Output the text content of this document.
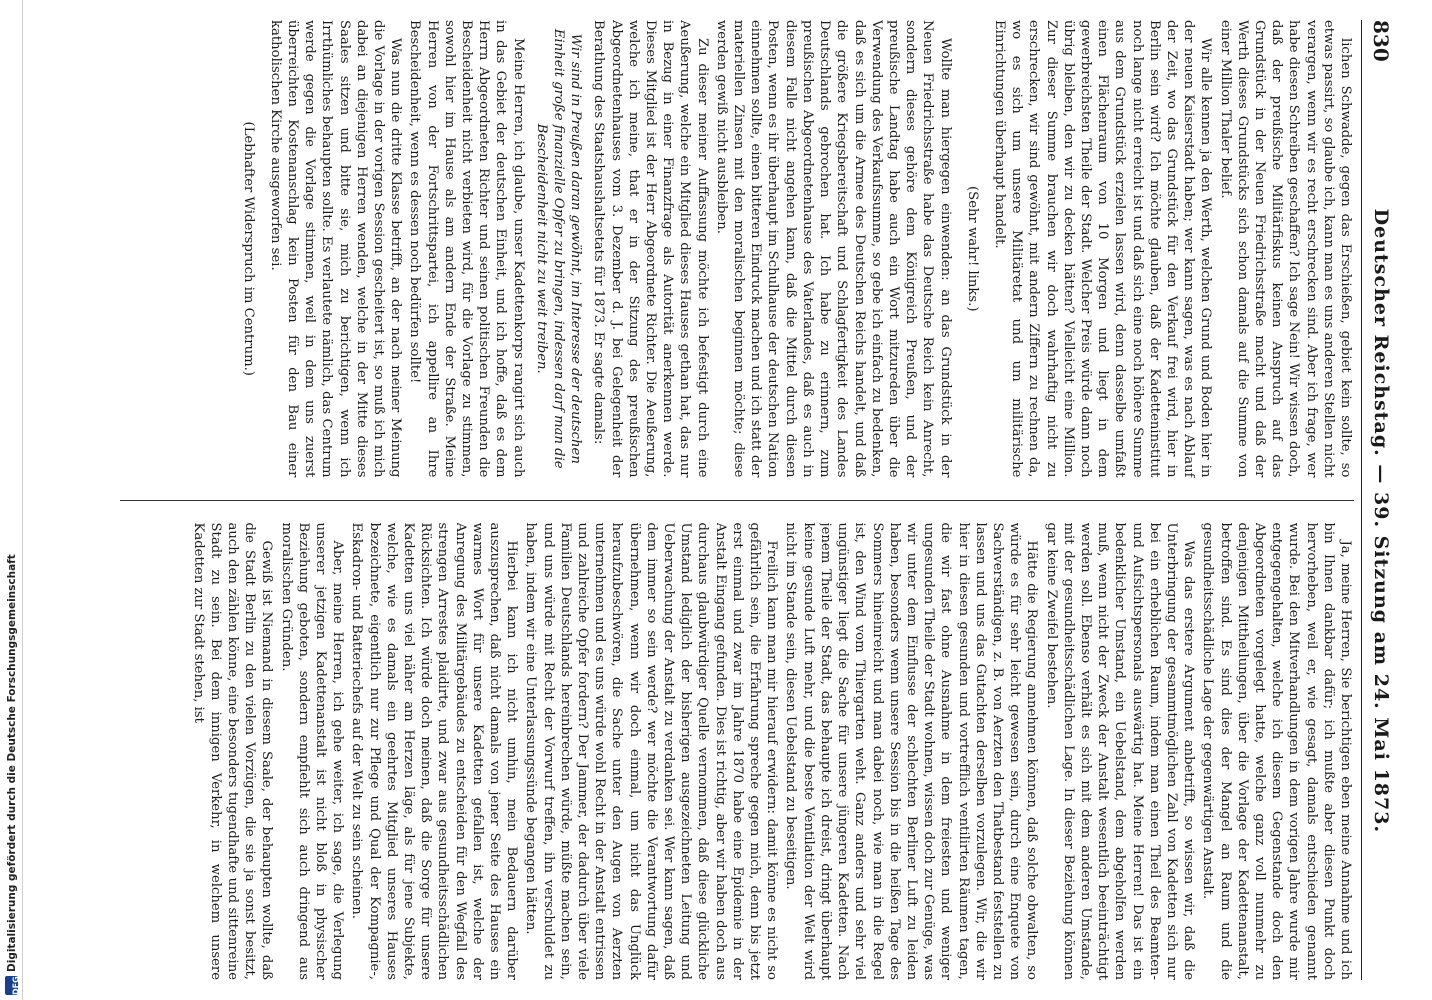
DFG
Digitalisierung gefördert durch die Deutsche Forschungsgemeinschaft
830
Deutscher Reichstag. — 39. Sitzung am 24. Mai 1873.

lichen Schwadde, gegen das Erschießen, gebiet kein sollte, so etwas passirt, so glaube ich, kann man es uns anderen Stellen nicht verargen, wenn wir es recht erschrecken sind. Aber ich frage, wer habe diesen Schreiben geschaffen? Ich sage Nein! Wir wissen doch, daß der preußische Militärfiskus keinen Anspruch auf das Grundstück in der Neuen Friedrichsstraße macht und daß der Werth dieses Grundstücks sich schon damals auf die Summe von einer Million Thaler belief.

Wir alle kennen ja den Werth, welchen Grund und Boden hier in der neuen Kaiserstadt haben; wer kann sagen, was es nach Ablauf der Zeit, wo das Grundstück für den Verkauf frei wird, hier in Berlin sein wird? Ich möchte glauben, daß der Kadetteninstitut noch lange nicht erreicht ist und daß sich eine noch höhere Summe aus dem Grundstück erzielen lassen wird, denn dasselbe umfaßt einen Flächenraum von 10 Morgen und liegt in dem gewerbreichsten Theile der Stadt. Welcher Preis würde dann noch übrig bleiben, den wir zu decken hätten? Vielleicht eine Million. Zur dieser Summe brauchen wir doch wahrhaftig nicht zu erschrecken, wir sind gewöhnt, mit andern Ziffern zu rechnen da, wo es sich um unsere Militäretat und um militärische Einrichtungen überhaupt handelt.

(Sehr wahr! links.)

Wollte man hiergegen einwenden: an das Grundstück in der Neuen Friedrichsstraße habe das Deutsche Reich kein Anrecht, sondern dieses gehöre dem Königreich Preußen, und der preußische Landtag habe auch ein Wort mitzureden über die Verwendung des Verkaufssumme, so gebe ich einfach zu bedenken, daß es sich um die Armee des Deutschen Reichs handelt, und daß die größere Kriegsbereitschaft und Schlagfertigkeit des Landes Deutschlands gebrochen hat. Ich habe zu erinnern, zum preußischen Abgeordnetenhause des Vaterlandes, daß es auch in diesem Falle nicht angehen kann, daß die Mittel durch diesen Posten, wenn es ihr überhaupt im Schulhause der deutschen Nation einnehmen sollte, einen bitteren Eindruck machen und ich statt der materiellen Zinsen mit den moralischen beginnen möchte; diese werden gewiß nicht ausbleiben.

Zu dieser meiner Auffassung möchte ich befestigt durch eine Aeußerung, welche ein Mitglied dieses Hauses gethan hat, das nur in Bezug in einer Finanzfrage als Autorität anerkennen werde. Dieses Mitglied ist der Herr Abgeordnete Richter. Die Aeußerung, welche ich meine, that er in der Sitzung des preußischen Abgeordnetenhauses vom 3. Dezember d. J. bei Gelegenheit der Berathung des Staatshaushaltsetats für 1873. Er sagte damals:

Wir sind in Preußen daran gewöhnt, im Interesse der deutschen Einheit große finanzielle Opfer zu bringen, indessen darf man die Bescheidenheit nicht zu weit treiben.

Meine Herren, ich glaube, unser Kadettenkorps rangirt sich auch in das Gebiet der deutschen Einheit, und ich hoffe, daß es dem Herrn Abgeordneten Richter und seinen politischen Freunden die Bescheidenheit nicht verbieten wird, für die Vorlage zu stimmen, sowohl hier im Hause als am andern Ende der Straße. Meine Herren von der Fortschrittspartei, ich appellire an Ihre Bescheidenheit, wenn es dessen noch bedürfen sollte!

Was nun die dritte Klasse betrifft, an der nach meiner Meinung die Vorlage in der vorigen Session gescheitert ist, so muß ich mich dabei an diejenigen Herren wenden, welche in der Mitte dieses Saales sitzen und bitte sie, mich zu berichtigen, wenn ich Irrthümliches behaupten sollte. Es verlautete nämlich, das Centrum werde gegen die Vorlage stimmen, weil in dem uns zuerst überreichten Kostenanschlag kein Posten für den Bau einer katholischen Kirche ausgeworfen sei.

(Lebhafter Widerspruch im Centrum.)

Ja, meine Herren, Sie berichtigen eben meine Annahme und ich bin Ihnen dankbar dafür; ich mußte aber diesen Punkt doch hervorheben, weil er, wie gesagt, damals entschieden genannt wurde. Bei den Mitverhandlungen in dem vorigen Jahre wurde mir entgegengehalten, welche ich diesem Gegenstande doch den Abgeordneten vorgelegt hatte, welche ganz voll nunmehr zu denjenigen Mittheilungen, über die Vorlage der Kadettenanstalt, betroffen sind. Es sind dies der Mangel an Raum und die gesundheitsschädliche Lage der gegenwärtigen Anstalt.

Was das erstere Argument anbetrifft, so wissen wir, daß die Unterbringung der gesammtmöglichen Zahl von Kadetten sich nur bei ein erheblichen Raum, indem man einen Theil des Beamten- und Aufsichtspersonals auswärtig hat. Meine Herren! Das ist ein bedenklicher Umstand, ein Uebelstand, dem abgeholfen werden muß, wenn nicht der Zweck der Anstalt wesentlich beeinträchtigt werden soll. Ebenso verhält es sich mit dem anderen Umstande, mit der gesundheitsschädlichen Lage. In dieser Beziehung können gar keine Zweifel bestehen.

Hätte die Regierung annehmen können, daß solche obwalten, so würde es für sehr leicht gewesen sein, durch eine Enquete von Sachverständigen, z. B. von Aerzten den Thatbestand feststellen zu lassen und uns das Gutachten derselben vorzulegen. Wir, die wir hier in diesen gesunden und vortrefflich ventilirten Räumen tagen, die wir fast ohne Ausnahme in dem freiesten und weniger ungesunden Theile der Stadt wohnen, wissen doch zur Genüge, was wir unter dem Einflusse der schlechten Berliner Luft zu leiden haben, besonders wenn unsere Session bis in die heißen Tage des Sommers hineinreicht und man dabei noch, wie man in die Regel ist, den Wind vom Thiergarten weht. Ganz anders und sehr viel ungünstiger liegt die Sache für unsere jüngeren Kadetten. Nach jenem Theile der Stadt, das behaupte ich dreist, dringt überhaupt keine gesunde Luft mehr, und die beste Ventilation der Welt wird nicht im Stande sein, diesen Uebelstand zu beseitigen.

Freilich kann man mir hierauf erwidern: damit könne es nicht so gefährlich sein, die Erfahrung spreche gegen mich, denn bis jetzt erst einmal und zwar im Jahre 1870 habe eine Epidemie in der Anstalt Eingang gefunden. Dies ist richtig, aber wir haben doch aus durchaus glaubwürdiger Quelle vernommen, daß diese glückliche Umstand lediglich der bisherigen ausgezeichneten Leitung und Ueberwachung der Anstalt zu verdanken sei. Wer kann sagen, daß dem immer so sein werde? wer möchte die Verantwortung dafür übernehmen, wenn wir doch einmal, um nicht das Unglück heraufzubeschwören, die Sache unter den Augen von Aerzten unternehmen und es uns würde wohl Recht in der Anstalt entrissen und zahlreiche Opfer fordern? Der Jammer, der dadurch über viele Familien Deutschlands hereinbrechen würde, müßte machen sein, und uns würde mit Recht der Vorwurf treffen, ihn verschuldet zu haben, indem wir eine Unterlassungssünde begangen hätten.

Hierbei kann ich nicht umhin, mein Bedauern darüber auszusprechen, daß nicht damals von jener Seite des Hauses ein warmes Wort für unsere Kadetten gefallen ist, welche der Anregung des Militärgebäudes zu entscheiden für den Wegfall des strengen Arrestes plaidirte, und zwar aus gesundheitsschädlichen Rücksichten. Ich würde doch meinen, daß die Sorge für unsere Kadetten uns viel näher am Herzen läge, als für jene Subjekte, welche, wie es damals ein geehrtes Mitglied unseres Hauses bezeichnete, eigentlich nur zur Pflege und Qual der Kompagnie-, Eskadron- und Batteriechefs auf der Welt zu sein scheinen.

Aber, meine Herren, ich gehe weiter, ich sage, die Verlegung unserer jetzigen Kadettenanstalt ist nicht bloß in physischer Beziehung geboten, sondern empfiehlt sich auch dringend aus moralischen Gründen.

Gewiß ist Niemand in diesem Saale, der behaupten wollte, daß die Stadt Berlin zu den vielen Vorzügen, die sie ja sonst besitzt, auch den zählen könne, eine besonders tugendhafte und sittenreine Stadt zu sein. Bei dem innigen Verkehr, in welchem unsere Kadetten zur Stadt stehen, ist
